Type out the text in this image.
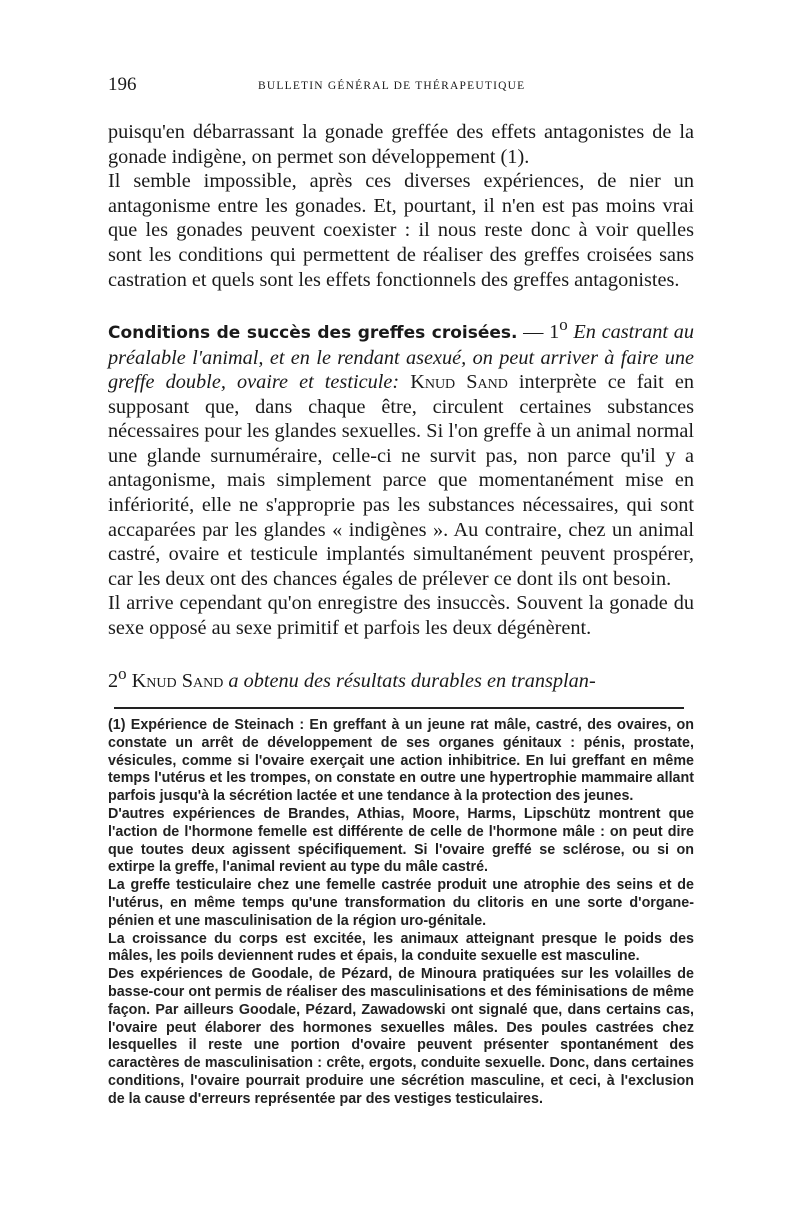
196	BULLETIN GÉNÉRAL DE THÉRAPEUTIQUE

puisqu'en débarrassant la gonade greffée des effets antagonistes de la gonade indigène, on permet son développement (1).

Il semble impossible, après ces diverses expériences, de nier un antagonisme entre les gonades. Et, pourtant, il n'en est pas moins vrai que les gonades peuvent coexister : il nous reste donc à voir quelles sont les conditions qui permettent de réaliser des greffes croisées sans castration et quels sont les effets fonctionnels des greffes antagonistes.

Conditions de succès des greffes croisées. — 1$^o$ En castrant au préalable l'animal, et en le rendant asexué, on peut arriver à faire une greffe double, ovaire et testicule: Knud Sand interprète ce fait en supposant que, dans chaque être, circulent certaines substances nécessaires pour les glandes sexuelles. Si l'on greffe à un animal normal une glande surnuméraire, celle-ci ne survit pas, non parce qu'il y a antagonisme, mais simplement parce que momentanément mise en infériorité, elle ne s'approprie pas les substances nécessaires, qui sont accaparées par les glandes « indigènes ». Au contraire, chez un animal castré, ovaire et testicule implantés simultanément peuvent prospérer, car les deux ont des chances égales de prélever ce dont ils ont besoin.

Il arrive cependant qu'on enregistre des insuccès. Souvent la gonade du sexe opposé au sexe primitif et parfois les deux dégénèrent.

2$^o$ Knud Sand a obtenu des résultats durables en transplan-

(1) Expérience de Steinach : En greffant à un jeune rat mâle, castré, des ovaires, on constate un arrêt de développement de ses organes génitaux : pénis, prostate, vésicules, comme si l'ovaire exerçait une action inhibitrice. En lui greffant en même temps l'utérus et les trompes, on constate en outre une hypertrophie mammaire allant parfois jusqu'à la sécrétion lactée et une tendance à la protection des jeunes.

D'autres expériences de Brandes, Athias, Moore, Harms, Lipschütz montrent que l'action de l'hormone femelle est différente de celle de l'hormone mâle : on peut dire que toutes deux agissent spécifiquement. Si l'ovaire greffé se sclérose, ou si on extirpe la greffe, l'animal revient au type du mâle castré.

La greffe testiculaire chez une femelle castrée produit une atrophie des seins et de l'utérus, en même temps qu'une transformation du clitoris en une sorte d'organe-pénien et une masculinisation de la région uro-génitale.

La croissance du corps est excitée, les animaux atteignant presque le poids des mâles, les poils deviennent rudes et épais, la conduite sexuelle est masculine.

Des expériences de Goodale, de Pézard, de Minoura pratiquées sur les volailles de basse-cour ont permis de réaliser des masculinisations et des féminisations de même façon. Par ailleurs Goodale, Pézard, Zawadowski ont signalé que, dans certains cas, l'ovaire peut élaborer des hormones sexuelles mâles. Des poules castrées chez lesquelles il reste une portion d'ovaire peuvent présenter spontanément des caractères de masculinisation : crête, ergots, conduite sexuelle. Donc, dans certaines conditions, l'ovaire pourrait produire une sécrétion masculine, et ceci, à l'exclusion de la cause d'erreurs représentée par des vestiges testiculaires.
